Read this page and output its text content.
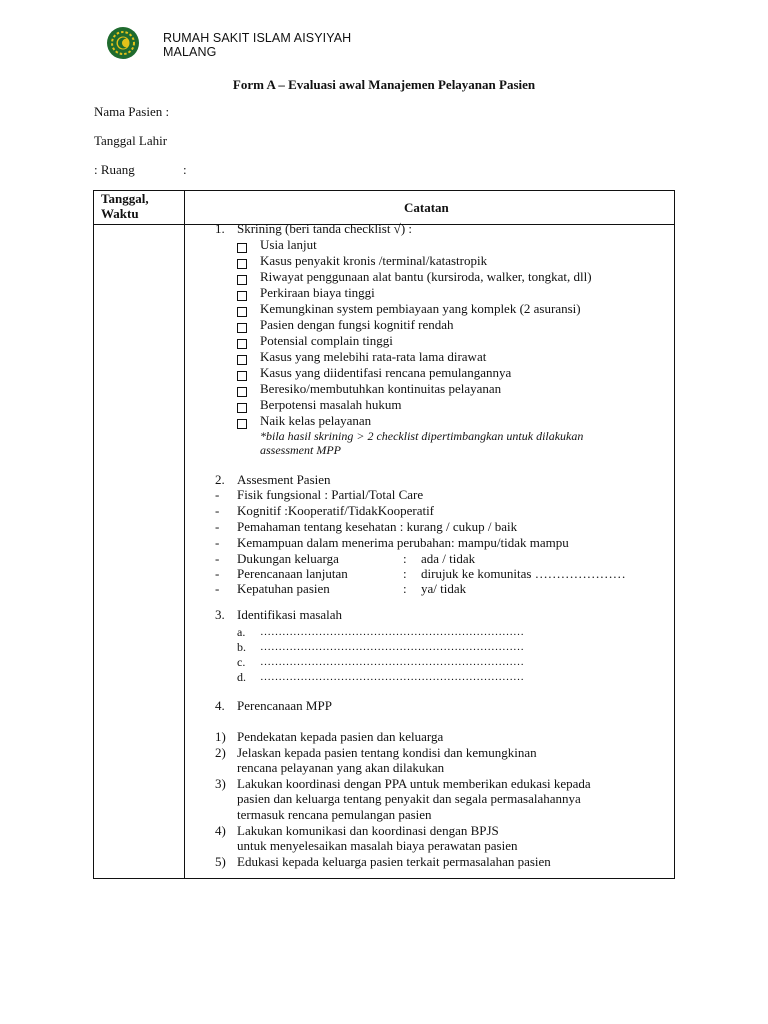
RUMAH SAKIT ISLAM AISYIYAH
MALANG
Form A – Evaluasi awal Manajemen Pelayanan Pasien
Nama Pasien :
Tanggal Lahir
: Ruang	:
Tanggal,
Waktu	Catatan
1. Skrining (beri tanda checklist √) :
Usia lanjut
Kasus penyakit kronis /terminal/katastropik
Riwayat penggunaan alat bantu (kursiroda, walker, tongkat, dll)
Perkiraan biaya tinggi
Kemungkinan system pembiayaan yang komplek (2 asuransi)
Pasien dengan fungsi kognitif rendah
Potensial complain tinggi
Kasus yang melebihi rata-rata lama dirawat
Kasus yang diidentifasi rencana pemulangannya
Beresiko/membutuhkan kontinuitas pelayanan
Berpotensi masalah hukum
Naik kelas pelayanan
*bila hasil skrining > 2 checklist dipertimbangkan untuk dilakukan
assessment MPP
2. Assesment Pasien
- Fisik fungsional : Partial/Total Care
- Kognitif :Kooperatif/TidakKooperatif
- Pemahaman tentang kesehatan : kurang / cukup / baik
- Kemampuan dalam menerima perubahan: mampu/tidak mampu
- Dukungan keluarga	: ada / tidak
- Perencanaan lanjutan	: dirujuk ke komunitas …………………
- Kepatuhan pasien	: ya/ tidak
3. Identifikasi masalah
a. ………………………………………………………………
b. ………………………………………………………………
c. ………………………………………………………………
d. ………………………………………………………………
4. Perencanaan MPP
1) Pendekatan kepada pasien dan keluarga
2) Jelaskan kepada pasien tentang kondisi dan kemungkinan
rencana pelayanan yang akan dilakukan
3) Lakukan koordinasi dengan PPA untuk memberikan edukasi kepada
pasien dan keluarga tentang penyakit dan segala permasalahannya
termasuk rencana pemulangan pasien
4) Lakukan komunikasi dan koordinasi dengan BPJS
untuk menyelesaikan masalah biaya perawatan pasien
5) Edukasi kepada keluarga pasien terkait permasalahan pasien
